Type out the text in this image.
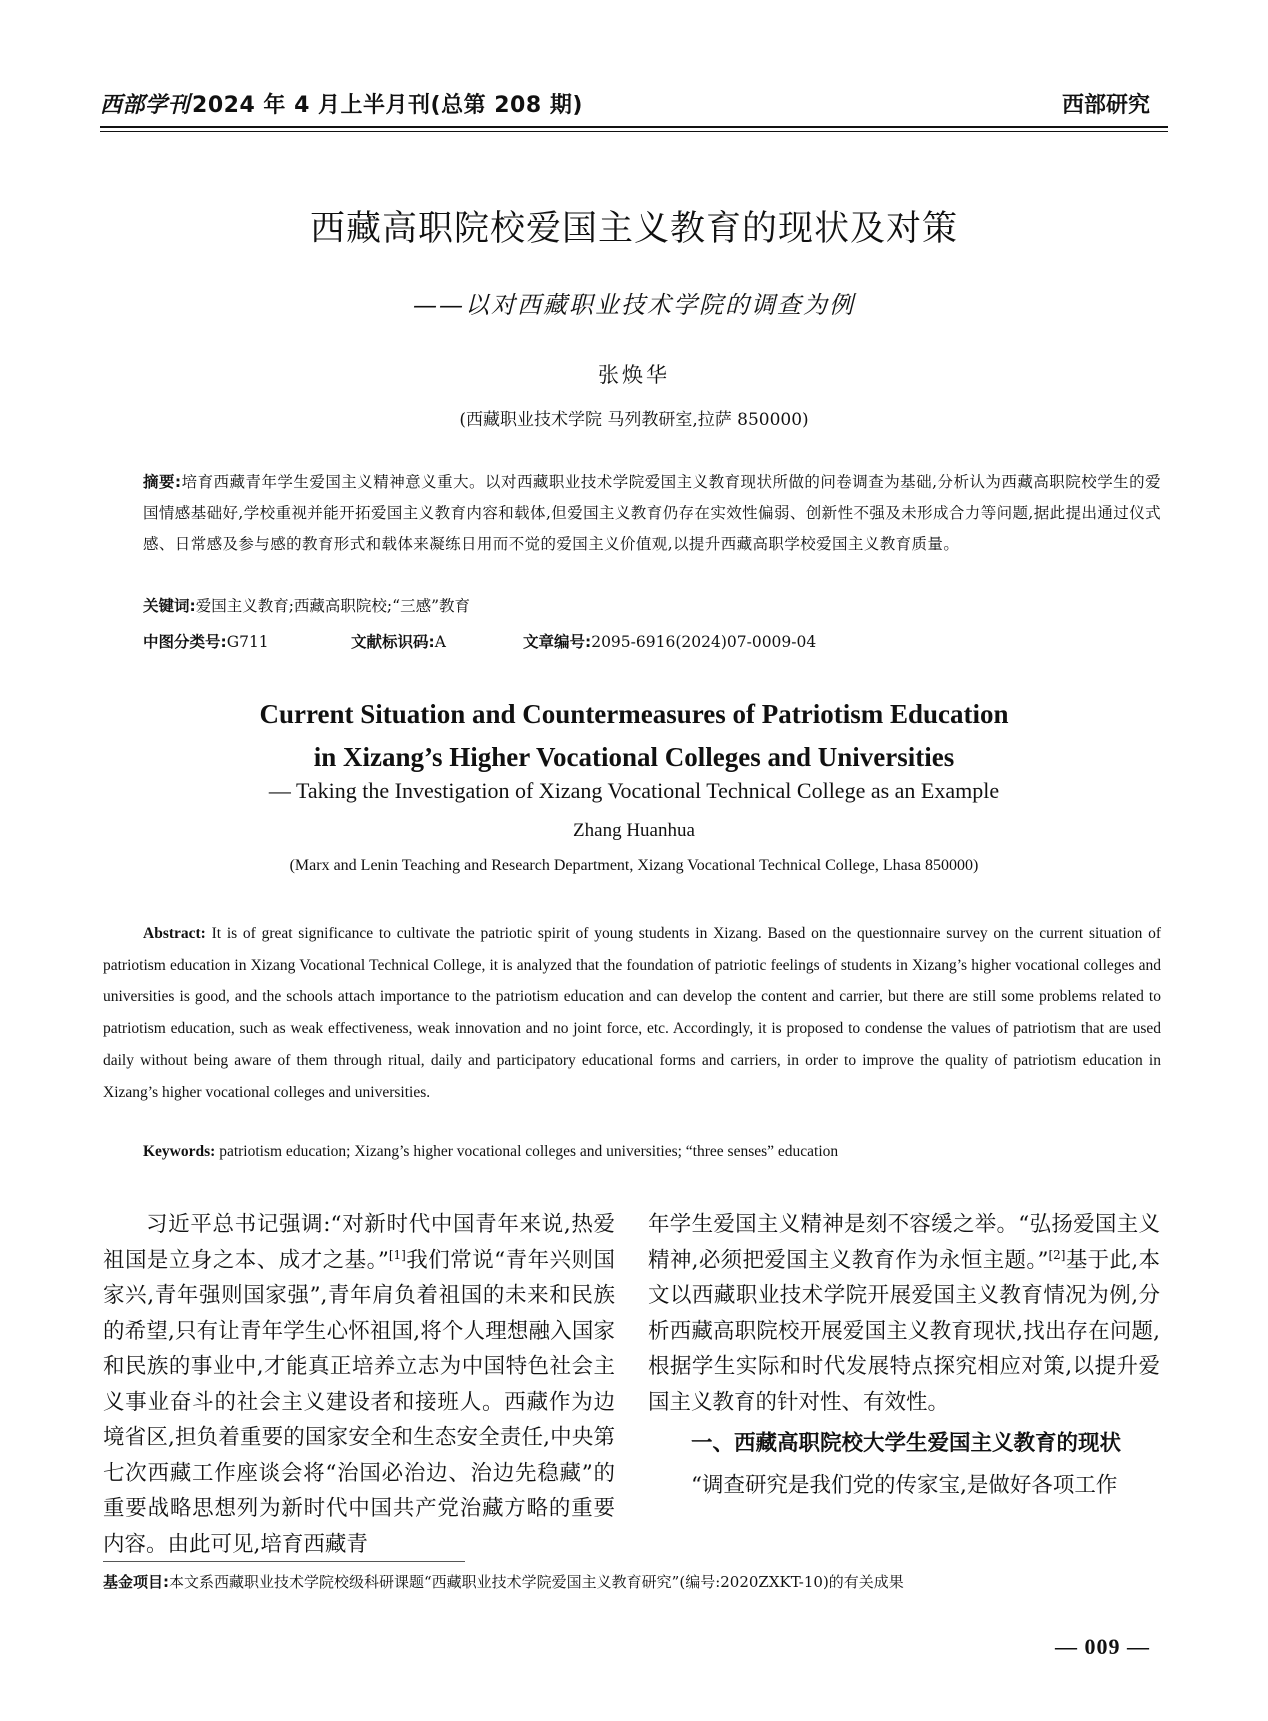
西部学刊2024 年 4 月上半月刊(总第 208 期)	西部研究
西藏高职院校爱国主义教育的现状及对策
——以对西藏职业技术学院的调查为例
张焕华
(西藏职业技术学院 马列教研室,拉萨 850000)
摘要:培育西藏青年学生爱国主义精神意义重大。以对西藏职业技术学院爱国主义教育现状所做的问卷调查为基础,分析认为西藏高职院校学生的爱国情感基础好,学校重视并能开拓爱国主义教育内容和载体,但爱国主义教育仍存在实效性偏弱、创新性不强及未形成合力等问题,据此提出通过仪式感、日常感及参与感的教育形式和载体来凝练日用而不觉的爱国主义价值观,以提升西藏高职学校爱国主义教育质量。
关键词:爱国主义教育;西藏高职院校;“三感”教育
中图分类号:G711	文献标识码:A	文章编号:2095-6916(2024)07-0009-04
Current Situation and Countermeasures of Patriotism Education
in Xizang’s Higher Vocational Colleges and Universities
— Taking the Investigation of Xizang Vocational Technical College as an Example
Zhang Huanhua
(Marx and Lenin Teaching and Research Department, Xizang Vocational Technical College, Lhasa 850000)
Abstract: It is of great significance to cultivate the patriotic spirit of young students in Xizang. Based on the questionnaire survey on the current situation of patriotism education in Xizang Vocational Technical College, it is analyzed that the foundation of patriotic feelings of students in Xizang’s higher vocational colleges and universities is good, and the schools attach importance to the patriotism education and can develop the content and carrier, but there are still some problems related to patriotism education, such as weak effectiveness, weak innovation and no joint force, etc. Accordingly, it is proposed to condense the values of patriotism that are used daily without being aware of them through ritual, daily and participatory educational forms and carriers, in order to improve the quality of patriotism education in Xizang’s higher vocational colleges and universities.
Keywords: patriotism education; Xizang’s higher vocational colleges and universities; “three senses” education
习近平总书记强调:“对新时代中国青年来说,热爱祖国是立身之本、成才之基。”[1]我们常说“青年兴则国家兴,青年强则国家强”,青年肩负着祖国的未来和民族的希望,只有让青年学生心怀祖国,将个人理想融入国家和民族的事业中,才能真正培养立志为中国特色社会主义事业奋斗的社会主义建设者和接班人。西藏作为边境省区,担负着重要的国家安全和生态安全责任,中央第七次西藏工作座谈会将“治国必治边、治边先稳藏”的重要战略思想列为新时代中国共产党治藏方略的重要内容。由此可见,培育西藏青
年学生爱国主义精神是刻不容缓之举。“弘扬爱国主义精神,必须把爱国主义教育作为永恒主题。”[2]基于此,本文以西藏职业技术学院开展爱国主义教育情况为例,分析西藏高职院校开展爱国主义教育现状,找出存在问题,根据学生实际和时代发展特点探究相应对策,以提升爱国主义教育的针对性、有效性。
一、西藏高职院校大学生爱国主义教育的现状
“调查研究是我们党的传家宝,是做好各项工作
基金项目:本文系西藏职业技术学院校级科研课题“西藏职业技术学院爱国主义教育研究”(编号:2020ZXKT-10)的有关成果
— 009 —
